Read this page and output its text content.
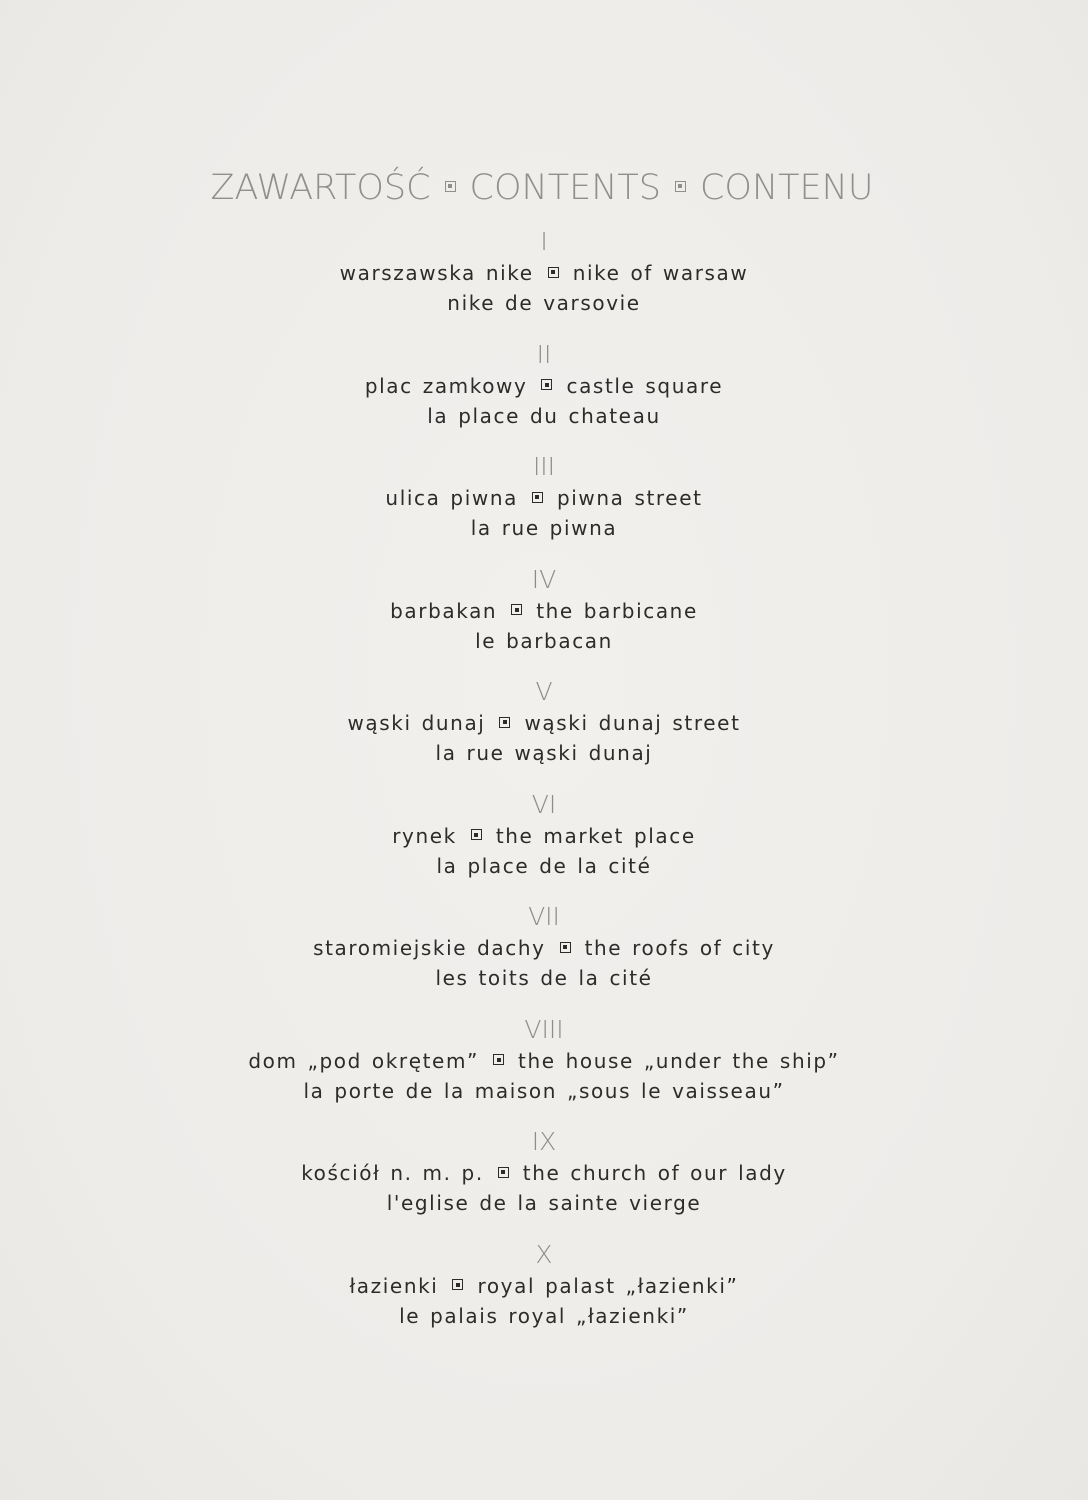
ZAWARTOŚĆ CONTENTS CONTENU
I
warszawska nike nike of warsaw
nike de varsovie
II
plac zamkowy castle square
la place du chateau
III
ulica piwna piwna street
la rue piwna
IV
barbakan the barbicane
le barbacan
V
wąski dunaj wąski dunaj street
la rue wąski dunaj
VI
rynek the market place
la place de la cité
VII
staromiejskie dachy the roofs of city
les toits de la cité
VIII
dom „pod okrętem” the house „under the ship”
la porte de la maison „sous le vaisseau”
IX
kościół n. m. p. the church of our lady
l'eglise de la sainte vierge
X
łazienki royal palast „łazienki”
le palais royal „łazienki”
